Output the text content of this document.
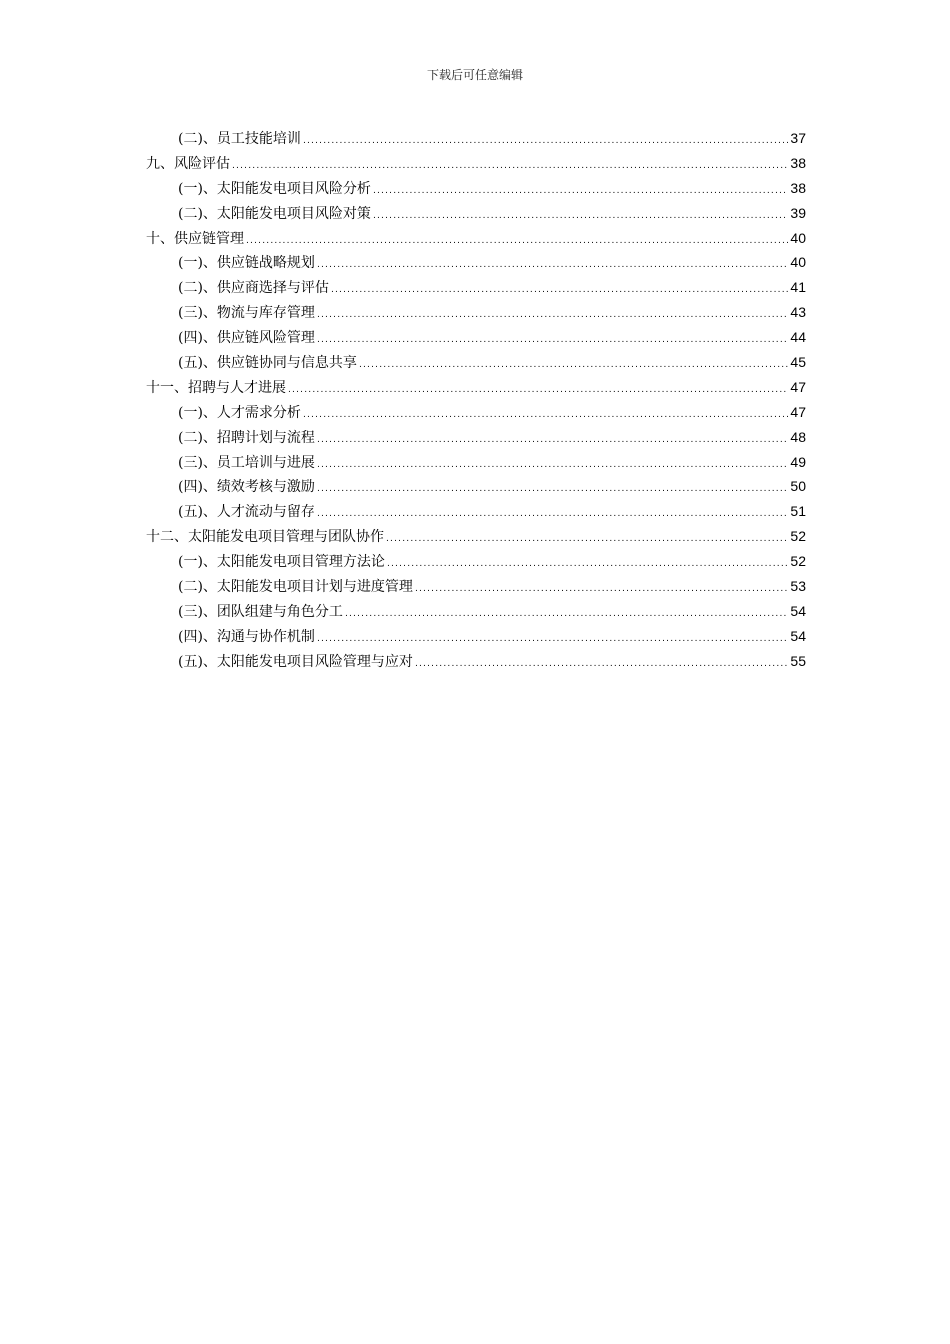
下载后可任意编辑
(二)、员工技能培训 .....	37
九、风险评估 .....	38
(一)、太阳能发电项目风险分析 .....	38
(二)、太阳能发电项目风险对策 .....	39
十、供应链管理 .....	40
(一)、供应链战略规划 .....	40
(二)、供应商选择与评估 .....	41
(三)、物流与库存管理 .....	43
(四)、供应链风险管理 .....	44
(五)、供应链协同与信息共享 .....	45
十一、招聘与人才进展 .....	47
(一)、人才需求分析 .....	47
(二)、招聘计划与流程 .....	48
(三)、员工培训与进展 .....	49
(四)、绩效考核与激励 .....	50
(五)、人才流动与留存 .....	51
十二、太阳能发电项目管理与团队协作 .....	52
(一)、太阳能发电项目管理方法论 .....	52
(二)、太阳能发电项目计划与进度管理 .....	53
(三)、团队组建与角色分工 .....	54
(四)、沟通与协作机制 .....	54
(五)、太阳能发电项目风险管理与应对 .....	55
